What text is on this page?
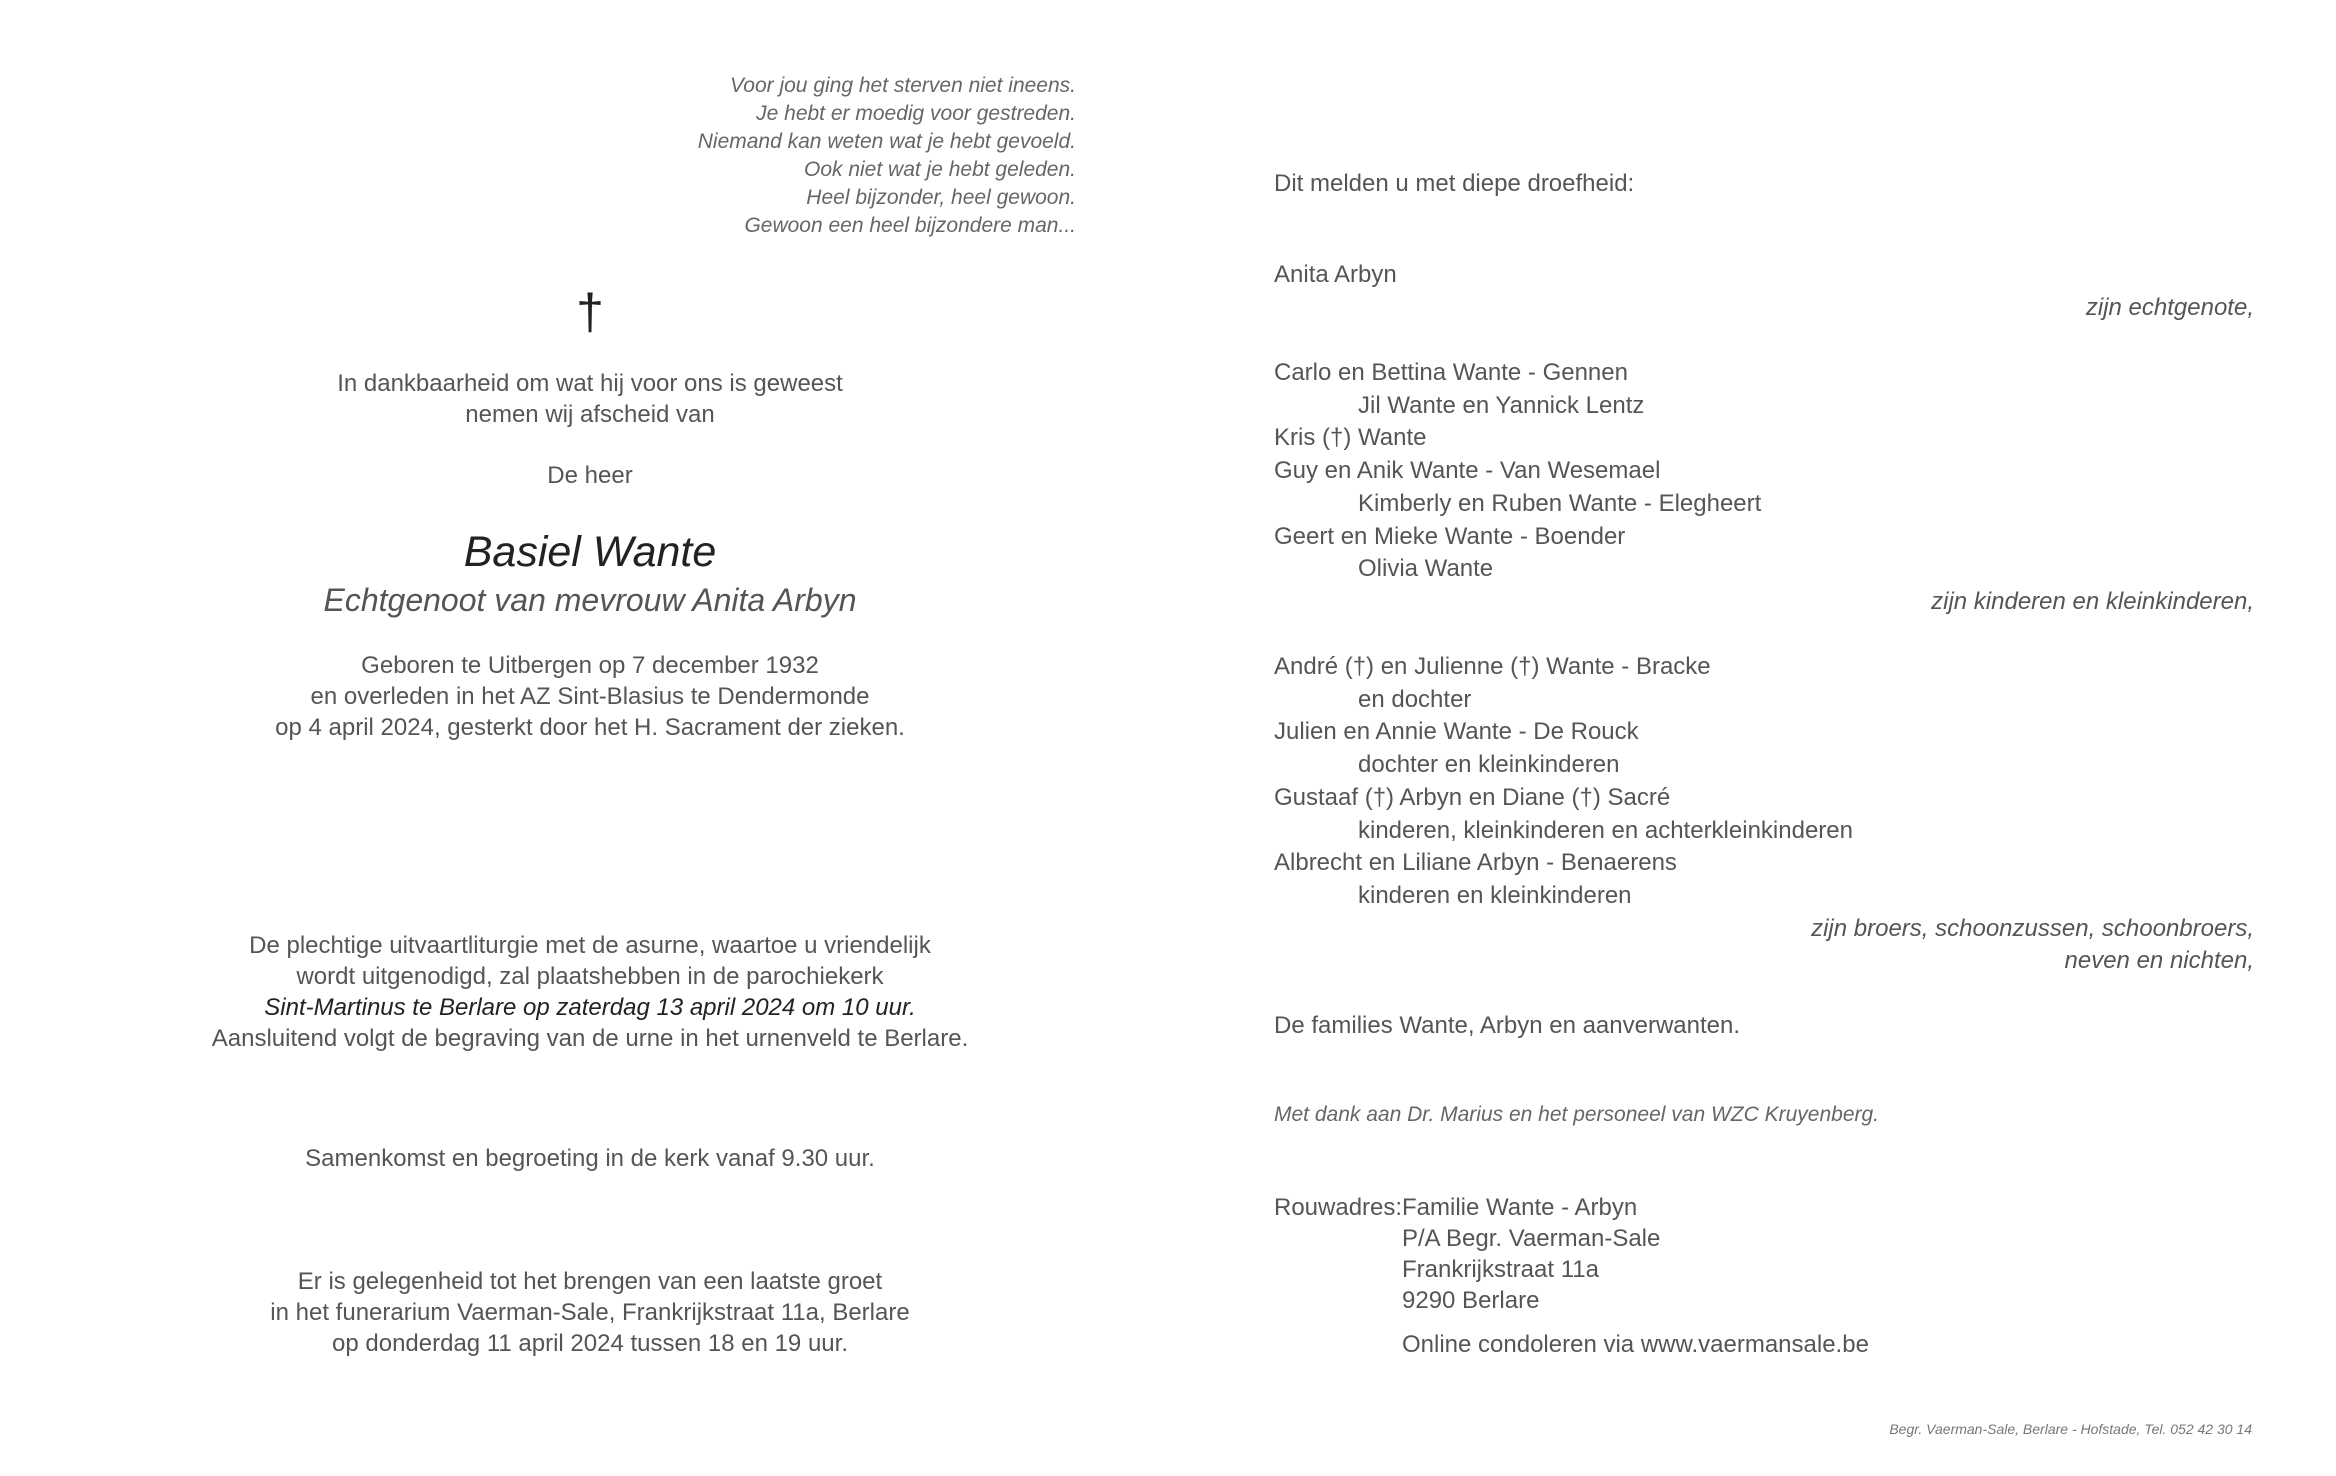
Voor jou ging het sterven niet ineens.
Je hebt er moedig voor gestreden.
Niemand kan weten wat je hebt gevoeld.
Ook niet wat je hebt geleden.
Heel bijzonder, heel gewoon.
Gewoon een heel bijzondere man...
†
In dankbaarheid om wat hij voor ons is geweest
nemen wij afscheid van
De heer
Basiel Wante
Echtgenoot van mevrouw Anita Arbyn
Geboren te Uitbergen op 7 december 1932
en overleden in het AZ Sint-Blasius te Dendermonde
op 4 april 2024, gesterkt door het H. Sacrament der zieken.
De plechtige uitvaartliturgie met de asurne, waartoe u vriendelijk
wordt uitgenodigd, zal plaatshebben in de parochiekerk
Sint-Martinus te Berlare op zaterdag 13 april 2024 om 10 uur.
Aansluitend volgt de begraving van de urne in het urnenveld te Berlare.
Samenkomst en begroeting in de kerk vanaf 9.30 uur.
Er is gelegenheid tot het brengen van een laatste groet
in het funerarium Vaerman-Sale, Frankrijkstraat 11a, Berlare
op donderdag 11 april 2024 tussen 18 en 19 uur.
Dit melden u met diepe droefheid:
Anita Arbyn
zijn echtgenote,
Carlo en Bettina Wante - Gennen
Jil Wante en Yannick Lentz
Kris (†) Wante
Guy en Anik Wante - Van Wesemael
Kimberly en Ruben Wante - Elegheert
Geert en Mieke Wante - Boender
Olivia Wante
zijn kinderen en kleinkinderen,
André (†) en Julienne (†) Wante - Bracke
en dochter
Julien en Annie Wante - De Rouck
dochter en kleinkinderen
Gustaaf (†) Arbyn en Diane (†) Sacré
kinderen, kleinkinderen en achterkleinkinderen
Albrecht en Liliane Arbyn - Benaerens
kinderen en kleinkinderen
zijn broers, schoonzussen, schoonbroers,
neven en nichten,
De families Wante, Arbyn en aanverwanten.
Met dank aan Dr. Marius en het personeel van WZC Kruyenberg.
Rouwadres: Familie Wante - Arbyn
P/A Begr. Vaerman-Sale
Frankrijkstraat 11a
9290 Berlare
Online condoleren via www.vaermansale.be
Begr. Vaerman-Sale, Berlare - Hofstade, Tel. 052 42 30 14
